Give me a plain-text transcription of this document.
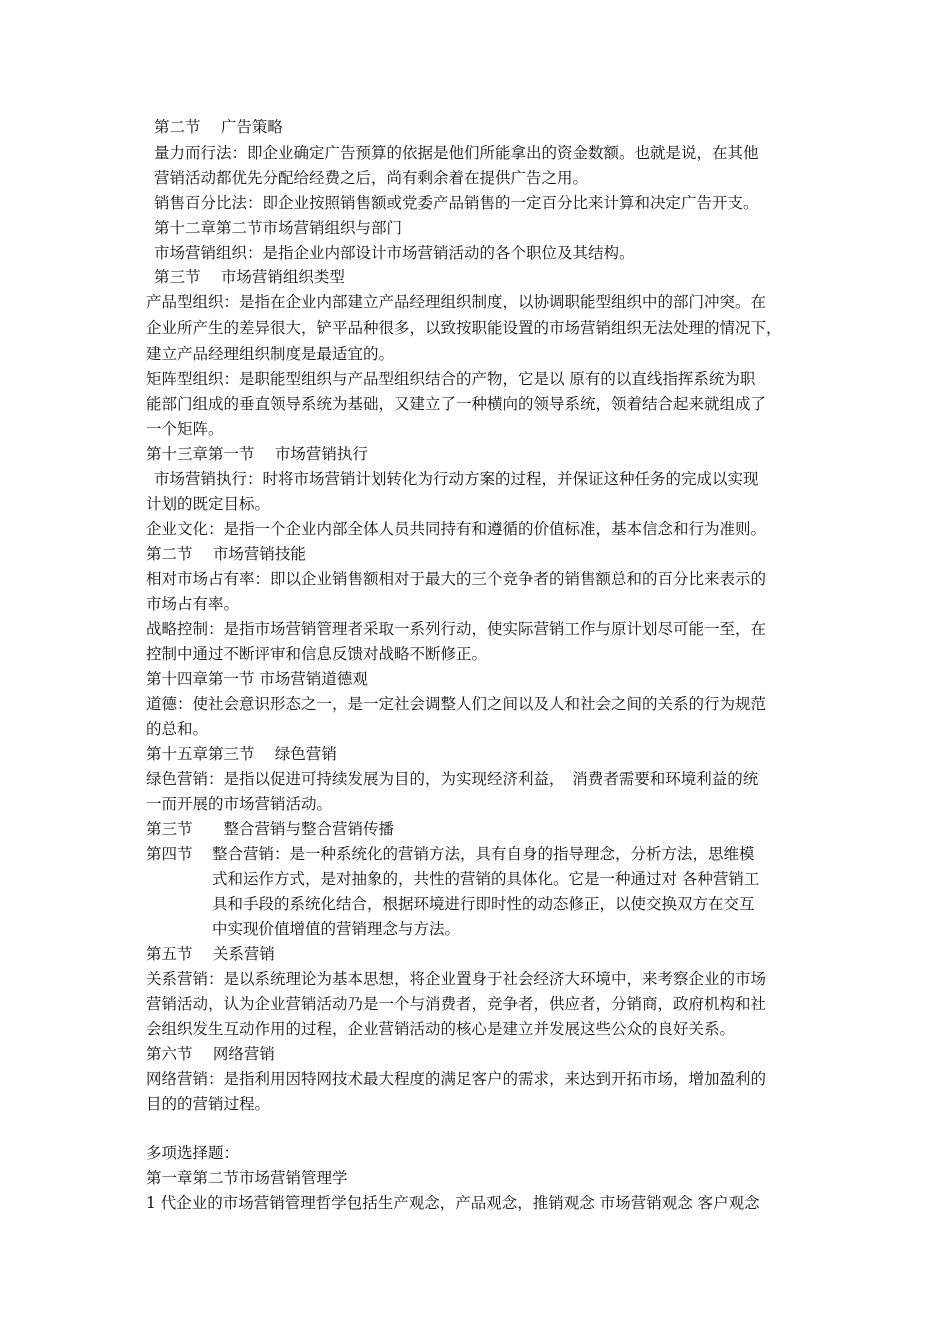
第二节　 广告策略
量力而行法：即企业确定广告预算的依据是他们所能拿出的资金数额。也就是说，在其他
营销活动都优先分配给经费之后，尚有剩余着在提供广告之用。
销售百分比法：即企业按照销售额或党委产品销售的一定百分比来计算和决定广告开支。
第十二章第二节市场营销组织与部门
市场营销组织：是指企业内部设计市场营销活动的各个职位及其结构。
第三节　 市场营销组织类型
产品型组织：是指在企业内部建立产品经理组织制度，以协调职能型组织中的部门冲突。在
企业所产生的差异很大，铲平品种很多，以致按职能设置的市场营销组织无法处理的情况下，
建立产品经理组织制度是最适宜的。
矩阵型组织：是职能型组织与产品型组织结合的产物，它是以 原有的以直线指挥系统为职
能部门组成的垂直领导系统为基础，又建立了一种横向的领导系统，领着结合起来就组成了
一个矩阵。
第十三章第一节　 市场营销执行
市场营销执行：时将市场营销计划转化为行动方案的过程，并保证这种任务的完成以实现
计划的既定目标。
企业文化：是指一个企业内部全体人员共同持有和遵循的价值标准，基本信念和行为准则。
第二节　 市场营销技能
相对市场占有率：即以企业销售额相对于最大的三个竞争者的销售额总和的百分比来表示的
市场占有率。
战略控制：是指市场营销管理者采取一系列行动，使实际营销工作与原计划尽可能一至，在
控制中通过不断评审和信息反馈对战略不断修正。
第十四章第一节 市场营销道德观
道德：使社会意识形态之一，是一定社会调整人们之间以及人和社会之间的关系的行为规范
的总和。
第十五章第三节　 绿色营销
绿色营销：是指以促进可持续发展为目的，为实现经济利益，　消费者需要和环境利益的统
一而开展的市场营销活动。
第三节　　整合营销与整合营销传播
第四节 整合营销：是一种系统化的营销方法，具有自身的指导理念，分析方法，思维模
式和运作方式，是对抽象的，共性的营销的具体化。它是一种通过对 各种营销工
具和手段的系统化结合，根据环境进行即时性的动态修正，以使交换双方在交互
中实现价值增值的营销理念与方法。
第五节　 关系营销
关系营销：是以系统理论为基本思想，将企业置身于社会经济大环境中，来考察企业的市场
营销活动，认为企业营销活动乃是一个与消费者，竞争者，供应者，分销商，政府机构和社
会组织发生互动作用的过程，企业营销活动的核心是建立并发展这些公众的良好关系。
第六节　 网络营销
网络营销：是指利用因特网技术最大程度的满足客户的需求，来达到开拓市场，增加盈利的
目的的营销过程。
多项选择题：
第一章第二节市场营销管理学
1 代企业的市场营销管理哲学包括生产观念，产品观念，推销观念 市场营销观念 客户观念
